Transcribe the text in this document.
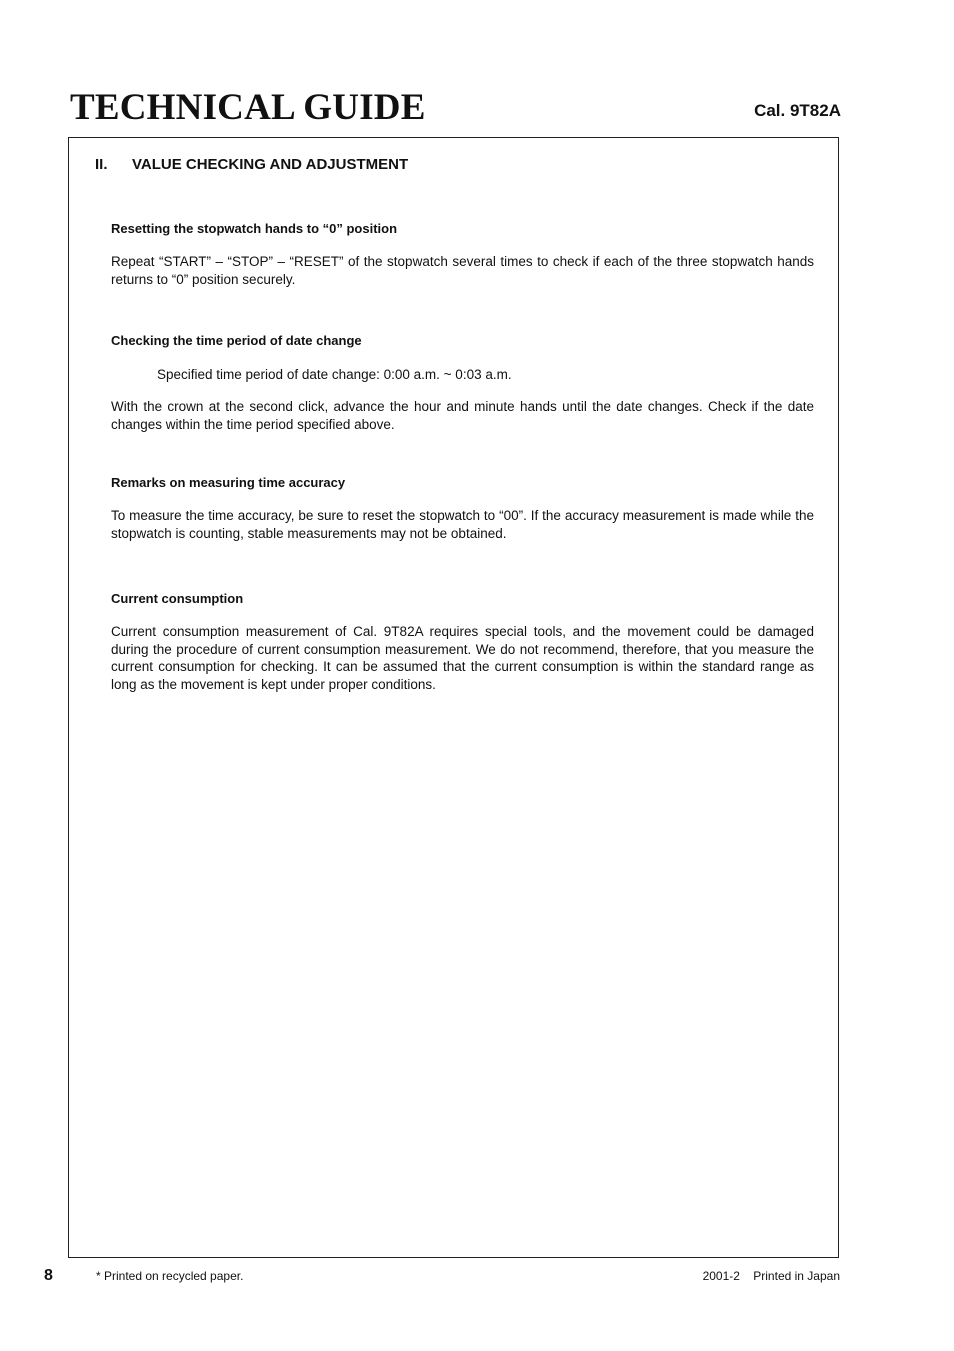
TECHNICAL GUIDE	Cal. 9T82A
II. VALUE CHECKING AND ADJUSTMENT
Resetting the stopwatch hands to “0” position

Repeat “START” – “STOP” – “RESET” of the stopwatch several times to check if each of the three stopwatch hands returns to “0” position securely.

Checking the time period of date change

Specified time period of date change: 0:00 a.m. ~ 0:03 a.m.

With the crown at the second click, advance the hour and minute hands until the date changes. Check if the date changes within the time period specified above.

Remarks on measuring time accuracy

To measure the time accuracy, be sure to reset the stopwatch to “00”. If the accuracy measurement is made while the stopwatch is counting, stable measurements may not be obtained.

Current consumption

Current consumption measurement of Cal. 9T82A requires special tools, and the movement could be damaged during the procedure of current consumption measurement. We do not recommend, therefore, that you measure the current consumption for checking. It can be assumed that the current consumption is within the standard range as long as the movement is kept under proper conditions.

8	* Printed on recycled paper.	2001-2    Printed in Japan
